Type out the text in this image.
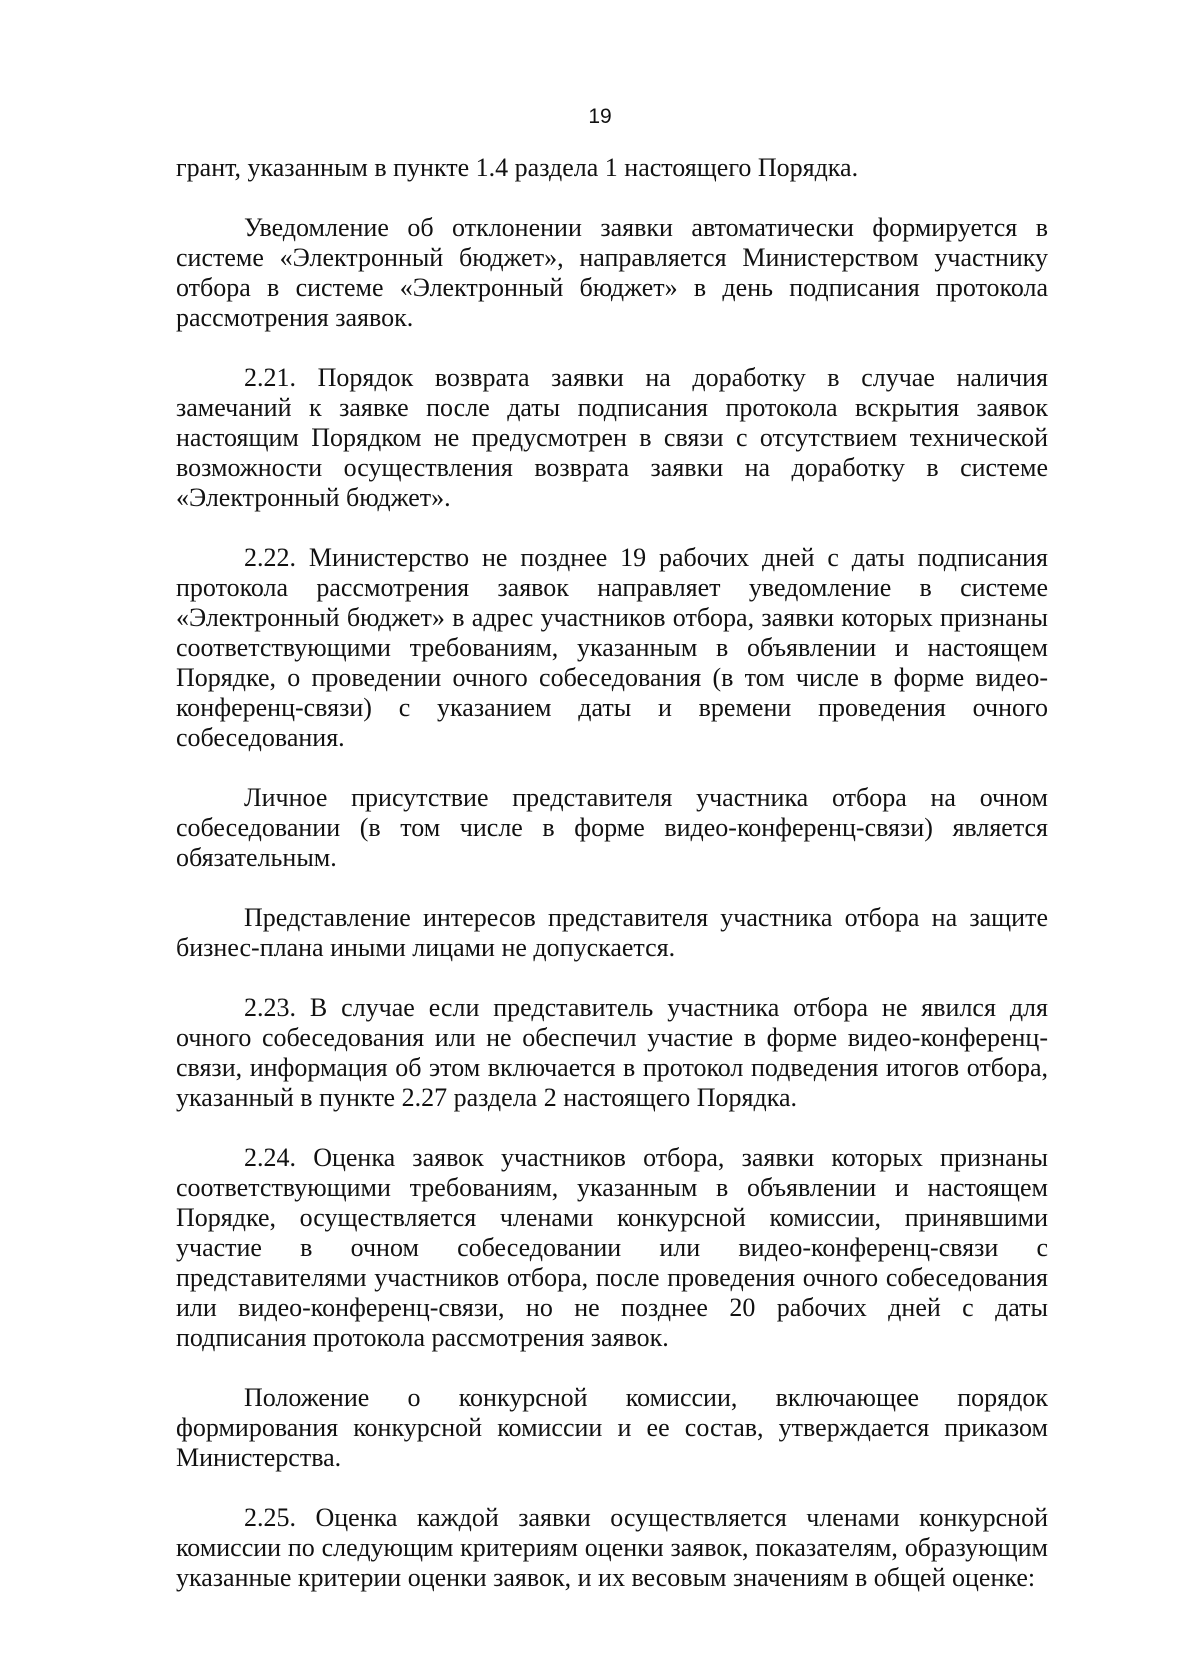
19

грант, указанным в пункте 1.4 раздела 1 настоящего Порядка.

Уведомление об отклонении заявки автоматически формируется в системе «Электронный бюджет», направляется Министерством участнику отбора в системе «Электронный бюджет» в день подписания протокола рассмотрения заявок.

2.21. Порядок возврата заявки на доработку в случае наличия замечаний к заявке после даты подписания протокола вскрытия заявок настоящим Порядком не предусмотрен в связи с отсутствием технической возможности осуществления возврата заявки на доработку в системе «Электронный бюджет».

2.22. Министерство не позднее 19 рабочих дней с даты подписания протокола рассмотрения заявок направляет уведомление в системе «Электронный бюджет» в адрес участников отбора, заявки которых признаны соответствующими требованиям, указанным в объявлении и настоящем Порядке, о проведении очного собеседования (в том числе в форме видео-конференц-связи) с указанием даты и времени проведения очного собеседования.

Личное присутствие представителя участника отбора на очном собеседовании (в том числе в форме видео-конференц-связи) является обязательным.

Представление интересов представителя участника отбора на защите бизнес-плана иными лицами не допускается.

2.23. В случае если представитель участника отбора не явился для очного собеседования или не обеспечил участие в форме видео-конференц-связи, информация об этом включается в протокол подведения итогов отбора, указанный в пункте 2.27 раздела 2 настоящего Порядка.

2.24. Оценка заявок участников отбора, заявки которых признаны соответствующими требованиям, указанным в объявлении и настоящем Порядке, осуществляется членами конкурсной комиссии, принявшими участие в очном собеседовании или видео-конференц-связи с представителями участников отбора, после проведения очного собеседования или видео-конференц-связи, но не позднее 20 рабочих дней с даты подписания протокола рассмотрения заявок.

Положение о конкурсной комиссии, включающее порядок формирования конкурсной комиссии и ее состав, утверждается приказом Министерства.

2.25. Оценка каждой заявки осуществляется членами конкурсной комиссии по следующим критериям оценки заявок, показателям, образующим указанные критерии оценки заявок, и их весовым значениям в общей оценке:
